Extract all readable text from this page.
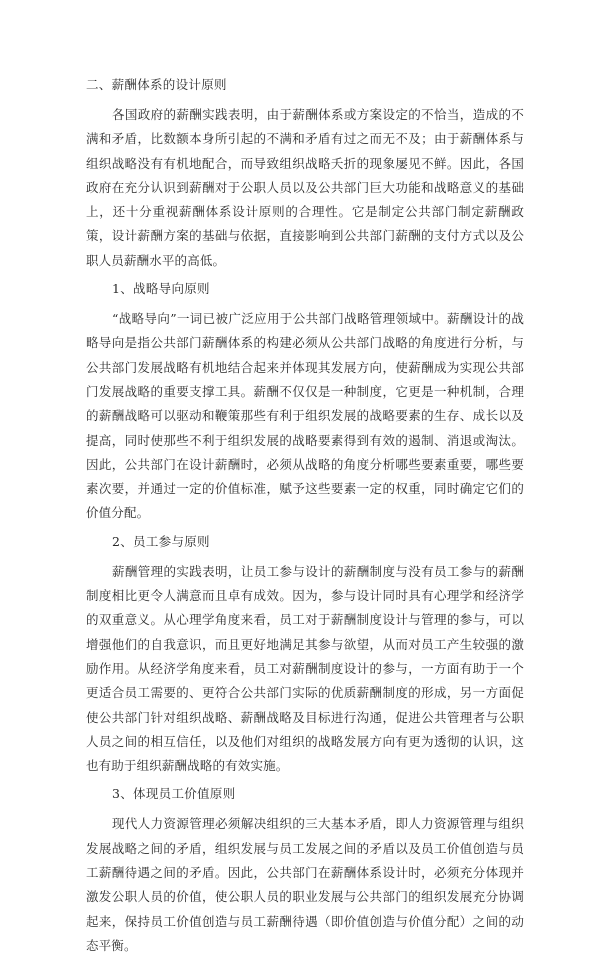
二、薪酬体系的设计原则

各国政府的薪酬实践表明，由于薪酬体系或方案设定的不恰当，造成的不满和矛盾，比数额本身所引起的不满和矛盾有过之而无不及；由于薪酬体系与组织战略没有有机地配合，而导致组织战略夭折的现象屡见不鲜。因此，各国政府在充分认识到薪酬对于公职人员以及公共部门巨大功能和战略意义的基础上，还十分重视薪酬体系设计原则的合理性。它是制定公共部门制定薪酬政策，设计薪酬方案的基础与依据，直接影响到公共部门薪酬的支付方式以及公职人员薪酬水平的高低。

1、战略导向原则

“战略导向”一词已被广泛应用于公共部门战略管理领域中。薪酬设计的战略导向是指公共部门薪酬体系的构建必须从公共部门战略的角度进行分析，与公共部门发展战略有机地结合起来并体现其发展方向，使薪酬成为实现公共部门发展战略的重要支撑工具。薪酬不仅仅是一种制度，它更是一种机制，合理的薪酬战略可以驱动和鞭策那些有利于组织发展的战略要素的生存、成长以及提高，同时使那些不利于组织发展的战略要素得到有效的遏制、消退或淘汰。因此，公共部门在设计薪酬时，必须从战略的角度分析哪些要素重要，哪些要素次要，并通过一定的价值标准，赋予这些要素一定的权重，同时确定它们的价值分配。

2、员工参与原则

薪酬管理的实践表明，让员工参与设计的薪酬制度与没有员工参与的薪酬制度相比更令人满意而且卓有成效。因为，参与设计同时具有心理学和经济学的双重意义。从心理学角度来看，员工对于薪酬制度设计与管理的参与，可以增强他们的自我意识，而且更好地满足其参与欲望，从而对员工产生较强的激励作用。从经济学角度来看，员工对薪酬制度设计的参与，一方面有助于一个更适合员工需要的、更符合公共部门实际的优质薪酬制度的形成，另一方面促使公共部门针对组织战略、薪酬战略及目标进行沟通，促进公共管理者与公职人员之间的相互信任，以及他们对组织的战略发展方向有更为透彻的认识，这也有助于组织薪酬战略的有效实施。

3、体现员工价值原则

现代人力资源管理必须解决组织的三大基本矛盾，即人力资源管理与组织发展战略之间的矛盾，组织发展与员工发展之间的矛盾以及员工价值创造与员工薪酬待遇之间的矛盾。因此，公共部门在薪酬体系设计时，必须充分体现并激发公职人员的价值，使公职人员的职业发展与公共部门的组织发展充分协调起来，保持员工价值创造与员工薪酬待遇（即价值创造与价值分配）之间的动态平衡。
